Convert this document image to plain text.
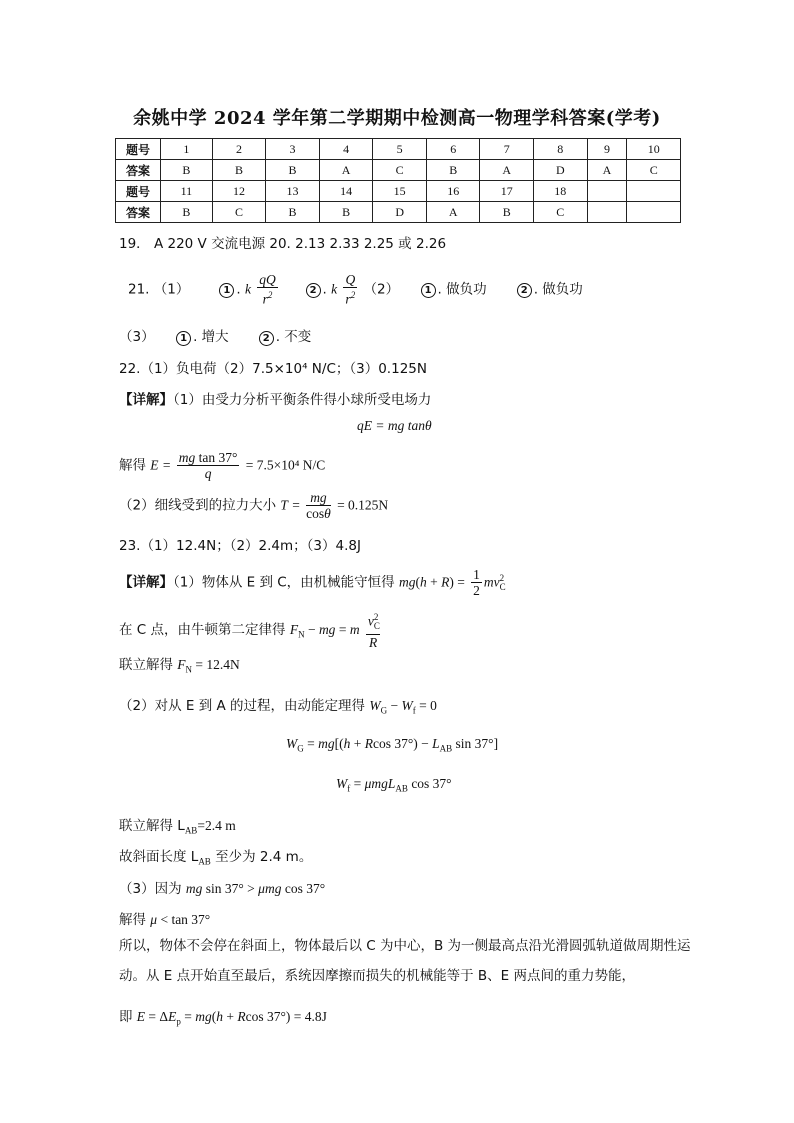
余姚中学 2024 学年第二学期期中检测高一物理学科答案(学考)
题号	1	2	3	4	5	6	7	8	9	10
答案	B	B	B	A	C	B	A	D	A	C
题号	11	12	13	14	15	16	17	18		
答案	B	C	B	B	D	A	B	C		
19． A 220 V 交流电源 20. 2.13 2.33 2.25 或 2.26
21. （1）	1 . k $\frac{qQ}{r^2}$	2 . k $\frac{Q}{r^2} (2)$	1 . 做负功	2 . 做负功
（3）	1 . 增大	2 . 不变
22.（1）负电荷（2）7.5×10⁴ N/C；（3）0.125N
【详解】（1）由受力分析平衡条件得小球所受电场力
qE = mg tanθ
解得 $E = \frac{\text{mg tan 37°}}{q} = 7.5\times 10^4$ N/C
（2）细线受到的拉力大小 $T = \frac{mg}{\cos\theta} = 0.125N$
23.（1）12.4N；（2）2.4m；（3）4.8J
【详解】（1）物体从 E 到 C，由机械能守恒得 $mg(h + R) = \frac{1}{2} mv_C^2$
在 C 点，由牛顿第二定律得 $F_N$ − mg = m $\frac{v_C^2}{R}$
联立解得 $F_N = 12.4N$
（2）对从 E 到 A 的过程，由动能定理得 $W_G - W_f = 0$
$W_G = mg[(h + Rcos$ $37^\circ) - L_{AB}$ sin 37°]
$W_f = \mu mgL_{AB}$ cos 37°
联立解得 $L_{AB}=2.4$ m
故斜面长度 $L_{AB}$ 至少为 2.4 m。
（3）因为 mg sin 37° > μmg cos 37°
解得 μ < tan 37°
所以，物体不会停在斜面上，物体最后以 C 为中心，B 为一侧最高点沿光滑圆弧轨道做周期性运动。从 E 点开始直至最后，系统因摩擦而损失的机械能等于 B、E 两点间的重力势能，
即 $E = \Delta E_p = mg(h + Rcos$ 37°) = 4.8J
